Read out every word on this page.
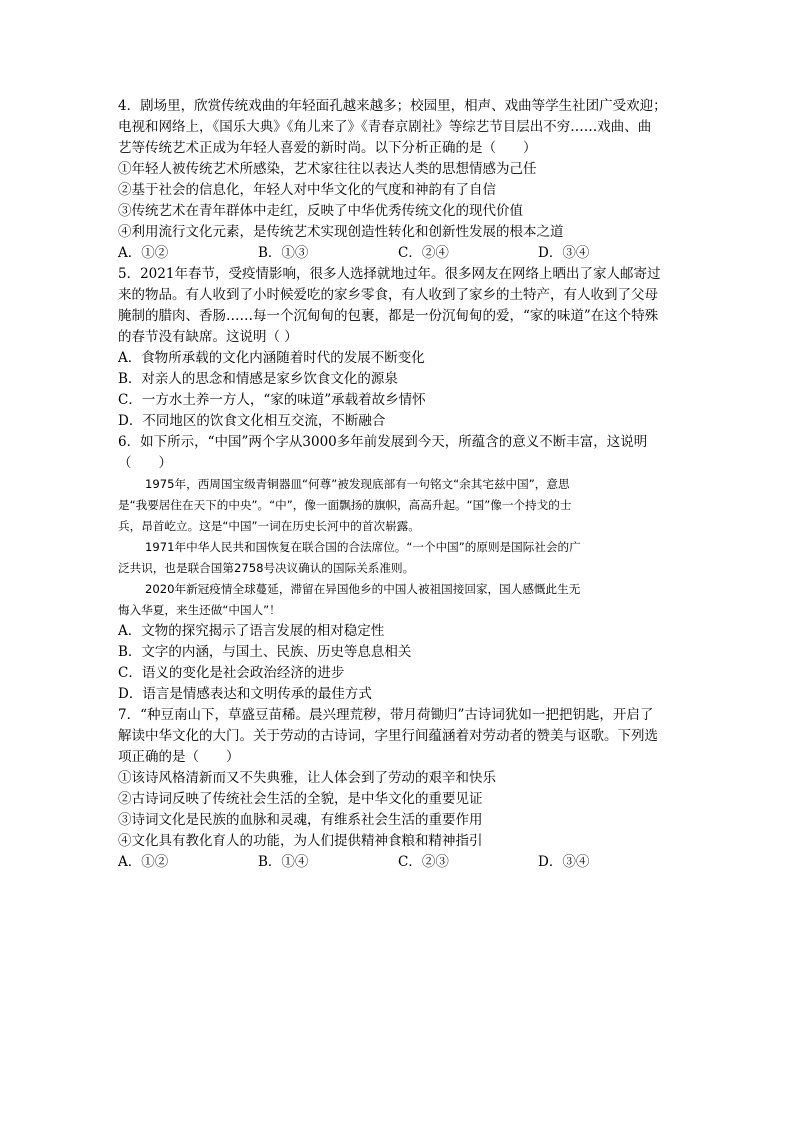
4．剧场里，欣赏传统戏曲的年轻面孔越来越多；校园里，相声、戏曲等学生社团广受欢迎；
电视和网络上，《国乐大典》《角儿来了》《青春京剧社》等综艺节目层出不穷……戏曲、曲
艺等传统艺术正成为年轻人喜爱的新时尚。以下分析正确的是（　　）
①年轻人被传统艺术所感染，艺术家往往以表达人类的思想情感为己任
②基于社会的信息化，年轻人对中华文化的气度和神韵有了自信
③传统艺术在青年群体中走红，反映了中华优秀传统文化的现代价值
④利用流行文化元素，是传统艺术实现创造性转化和创新性发展的根本之道
A．①②	B．①③	C．②④	D．③④
5．2021年春节，受疫情影响，很多人选择就地过年。很多网友在网络上晒出了家人邮寄过
来的物品。有人收到了小时候爱吃的家乡零食，有人收到了家乡的土特产，有人收到了父母
腌制的腊肉、香肠……每一个沉甸甸的包裹，都是一份沉甸甸的爱，“家的味道”在这个特殊
的春节没有缺席。这说明（ ）
A．食物所承载的文化内涵随着时代的发展不断变化
B．对亲人的思念和情感是家乡饮食文化的源泉
C．一方水土养一方人，“家的味道”承载着故乡情怀
D．不同地区的饮食文化相互交流，不断融合
6．如下所示，“中国”两个字从3000多年前发展到今天，所蕴含的意义不断丰富，这说明
（　　）
1975年，西周国宝级青铜器皿“何尊”被发现底部有一句铭文“余其宅兹中国”，意思
是“我要居住在天下的中央”。“中”，像一面飘扬的旗帜，高高升起。“国”像一个持戈的士
兵，昂首屹立。这是“中国”一词在历史长河中的首次崭露。
1971年中华人民共和国恢复在联合国的合法席位。“一个中国”的原则是国际社会的广
泛共识，也是联合国第2758号决议确认的国际关系准则。
2020年新冠疫情全球蔓延，滞留在异国他乡的中国人被祖国接回家，国人感慨此生无
悔入华夏，来生还做“中国人”！
A．文物的探究揭示了语言发展的相对稳定性
B．文字的内涵，与国土、民族、历史等息息相关
C．语义的变化是社会政治经济的进步
D．语言是情感表达和文明传承的最佳方式
7．“种豆南山下，草盛豆苗稀。晨兴理荒秽，带月荷锄归”古诗词犹如一把把钥匙，开启了
解读中华文化的大门。关于劳动的古诗词，字里行间蕴涵着对劳动者的赞美与讴歌。下列选
项正确的是（　　）
①该诗风格清新而又不失典雅，让人体会到了劳动的艰辛和快乐
②古诗词反映了传统社会生活的全貌，是中华文化的重要见证
③诗词文化是民族的血脉和灵魂，有维系社会生活的重要作用
④文化具有教化育人的功能，为人们提供精神食粮和精神指引
A．①②	B．①④	C．②③	D．③④
